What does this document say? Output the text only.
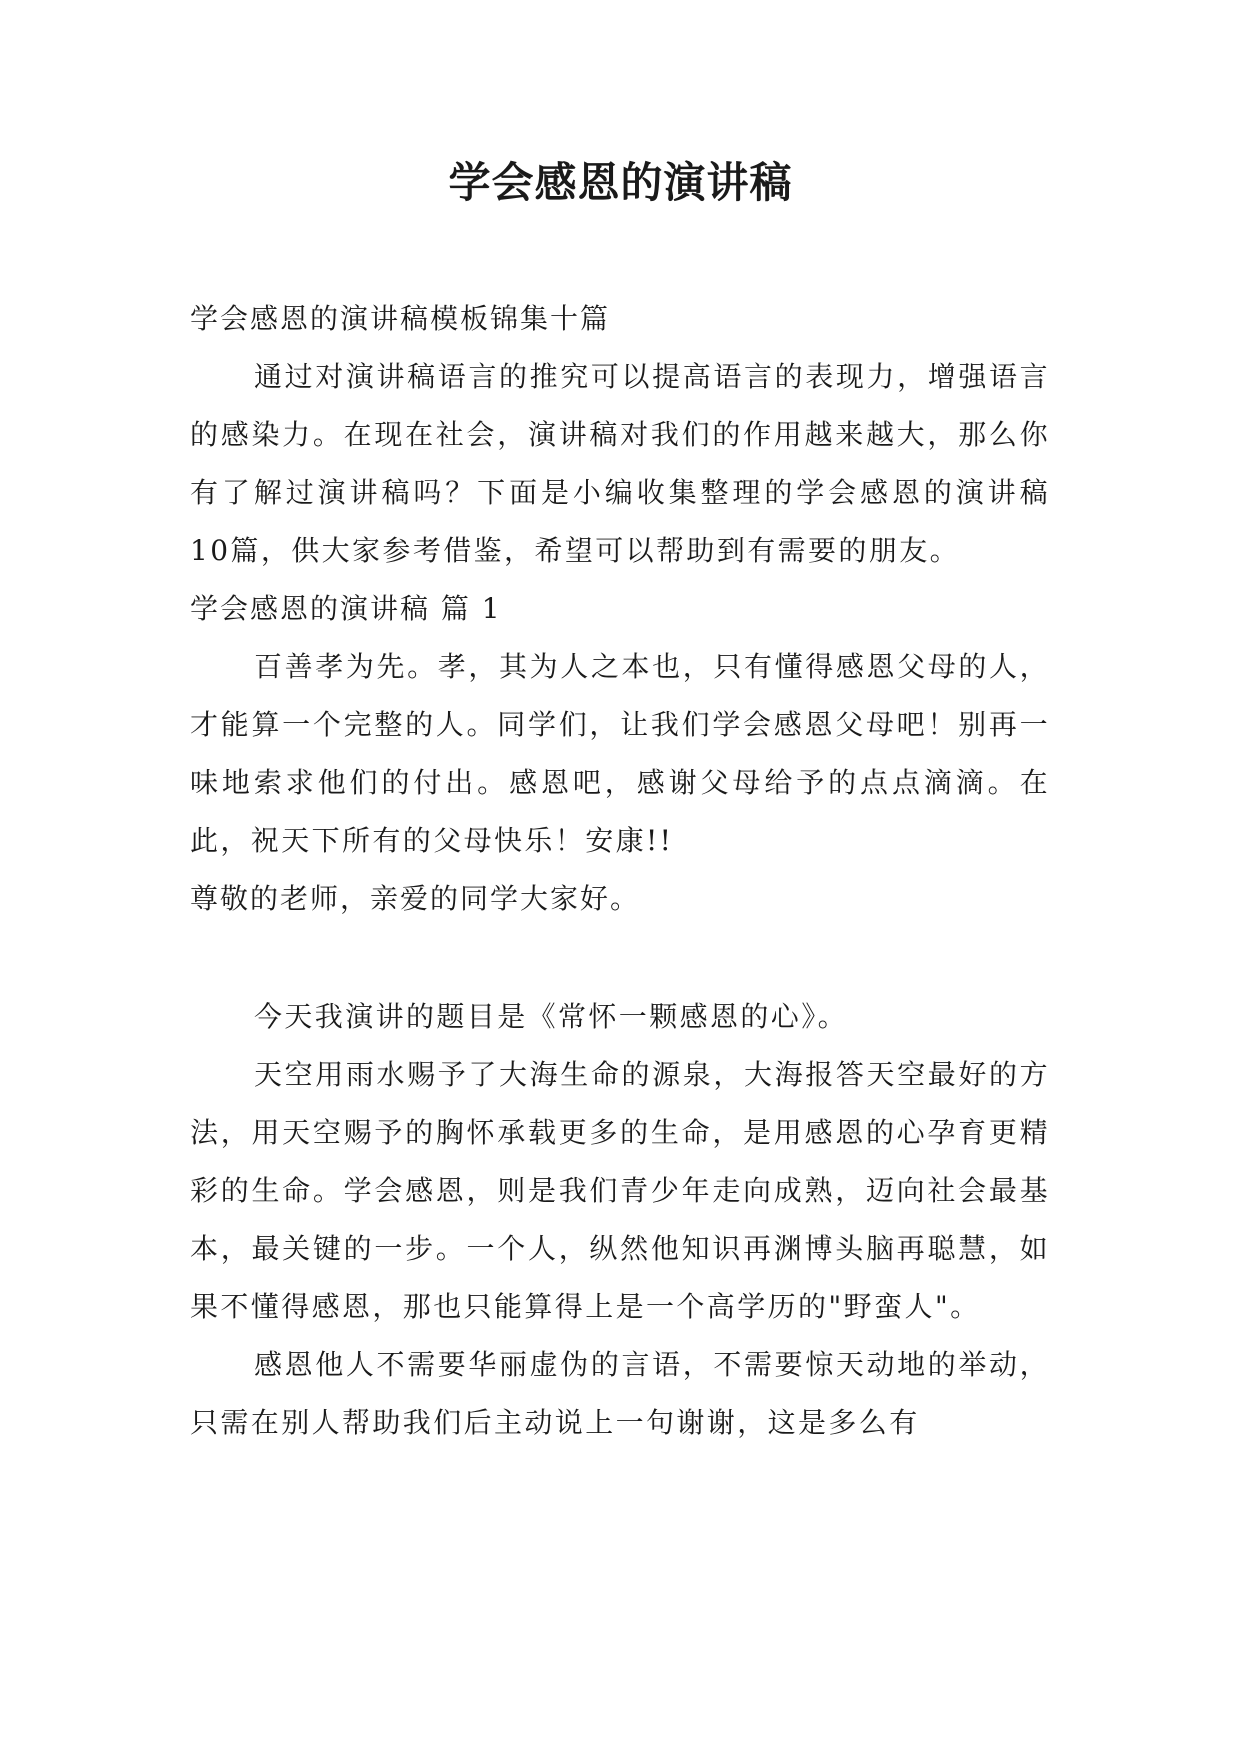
学会感恩的演讲稿

学会感恩的演讲稿模板锦集十篇

通过对演讲稿语言的推究可以提高语言的表现力，增强语言的感染力。在现在社会，演讲稿对我们的作用越来越大，那么你有了解过演讲稿吗？下面是小编收集整理的学会感恩的演讲稿10篇，供大家参考借鉴，希望可以帮助到有需要的朋友。

学会感恩的演讲稿 篇 1

百善孝为先。孝，其为人之本也，只有懂得感恩父母的人，才能算一个完整的人。同学们，让我们学会感恩父母吧！别再一味地索求他们的付出。感恩吧，感谢父母给予的点点滴滴。在此，祝天下所有的父母快乐！安康!!

尊敬的老师，亲爱的同学大家好。

今天我演讲的题目是《常怀一颗感恩的心》。

天空用雨水赐予了大海生命的源泉，大海报答天空最好的方法，用天空赐予的胸怀承载更多的生命，是用感恩的心孕育更精彩的生命。学会感恩，则是我们青少年走向成熟，迈向社会最基本，最关键的一步。一个人，纵然他知识再渊博头脑再聪慧，如果不懂得感恩，那也只能算得上是一个高学历的"野蛮人"。

感恩他人不需要华丽虚伪的言语，不需要惊天动地的举动，只需在别人帮助我们后主动说上一句谢谢，这是多么有
